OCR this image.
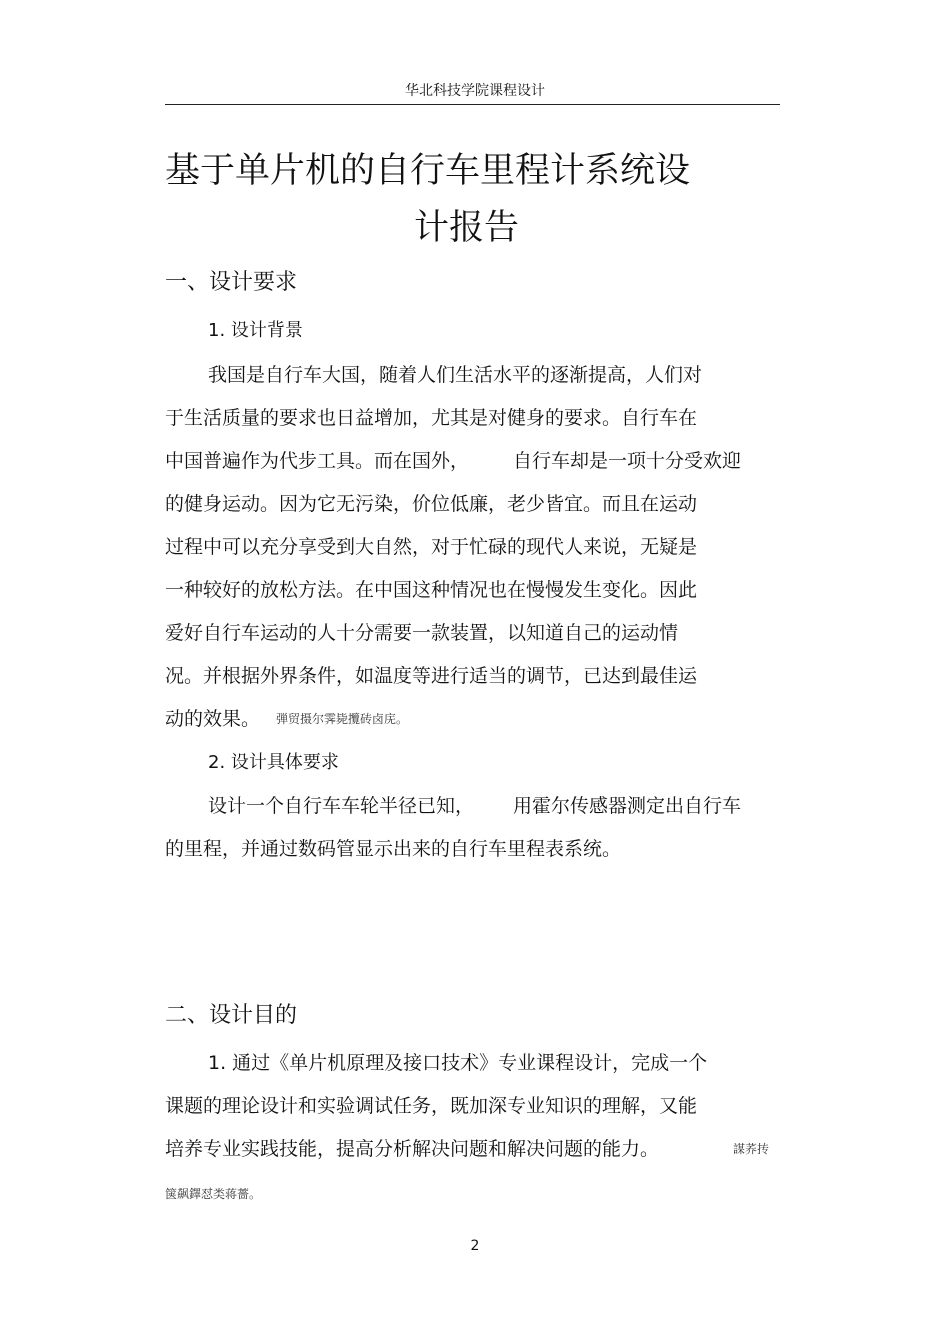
华北科技学院课程设计
基于单片机的自行车里程计系统设
计报告
一、设计要求
1. 设计背景
我国是自行车大国，随着人们生活水平的逐渐提高，人们对
于生活质量的要求也日益增加，尤其是对健身的要求。自行车在
中国普遍作为代步工具。而在国外， 自行车却是一项十分受欢迎
的健身运动。因为它无污染，价位低廉，老少皆宜。而且在运动
过程中可以充分享受到大自然，对于忙碌的现代人来说，无疑是
一种较好的放松方法。在中国这种情况也在慢慢发生变化。因此
爱好自行车运动的人十分需要一款装置，以知道自己的运动情
况。并根据外界条件，如温度等进行适当的调节，已达到最佳运
动的效果。 弾贸摄尔霁毙攬砖卤庑。
2. 设计具体要求
设计一个自行车车轮半径已知， 用霍尔传感器测定出自行车
的里程，并通过数码管显示出来的自行车里程表系统。
二、设计目的
1. 通过《单片机原理及接口技术》专业课程设计，完成一个
课题的理论设计和实验调试任务，既加深专业知识的理解，又能
培养专业实践技能，提高分析解决问题和解决问题的能力。	謀荞抟
箧飙鐸怼类蒋薔。
2
